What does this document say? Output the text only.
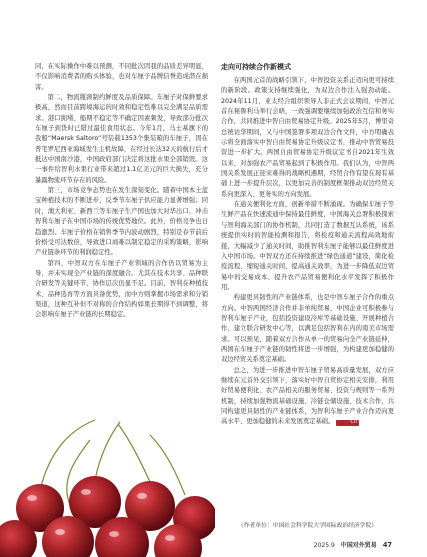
同，在实际操作中难以预测，不同批次因我的品质差异明显，不仅影响消费者的购买体验，也对车厘子品牌信誉造成潜在损害。

第二，物流瓶颈制约鲜度及品质保障。车厘子对保鲜要求极高，然而目前跨境海运的时效和稳定性难以完全满足品质需求。港口拥堵、船期不稳定等不确定因素频发，导致部分批次车厘子到货时已错过最佳食用状态。今年1月，马士基旗下的我船“Maersk Saltoro”号装载1353个集装箱的车厘子，因在普宅罗尼西亚海域发生主机故障，在经过长达32天的航行后才抵达中国南沙港，中国政府部门决定将这批水果全部销毁。这一事件给智利水果行业带来超过1.1亿美元的巨大损失，充分暴露物流环节存在的风险。

第三，市场竞争态势也在发生深刻变化。随着中国本土蓝宝种植技术的不断进步，反季节车厘子供应能力显著增强；同时，澳大利亚、新西兰等车厘子生产国也加大对华出口，冲击智利车厘子在中国市场的传统优势地位。此外，价格竞争也日趋激烈。车厘子价格在销售季节内波动剧烈，特别是春节前后价格受可达数倍，导致进口商难以制定稳定的采购策略，影响产业链条环节的利润稳定性。

第四，中智双方在车厘子产业领域的合作仍以贸易为主导，并未实现全产业链的深度融合。尤其在技术共享、品种联合研发等关键环节，协作层次仍显不足。目前，智利在种植技术、品种选育等方面具备优势，而中方则掌握市场需求和分销渠道，这种互补但不对称的合作结构如果长期得不到调整，将会影响车厘子产业链的长期稳定。

走向可持续合作新模式

在两国元首的战略引领下，中智投资关系正迈向更可持续的新阶段。政策支持继续强化，为双边合作注入强劲动能。2024年11月，亚太经合组织领导人非正式会议期间，中智元首在秘鲁利马举行会晤，一致强调要继续加强政治互信和务实合作，共同推进中智自由贸易协定升级。2025年5月，博里奇总统访华期间，又与中国签署多项双边合作文件，中方明确表示将全面落实中智自由贸易协定升级议定书，推动中智贸易投资进一步扩大。两国自由贸易协定升级议定书自2021年生效以来，对加强农产品贸易起到了积极作用。我们认为，中智两国关系发展正迎来难得的战略机遇期，经贸合作有望在现有基础上进一步提升层次，以更加完善的制度框架推动双边经贸关系向更深入、更务实的方向发展。

在通关便利化方面，创新举措不断涌现。为确保车厘子等生鲜产品在快速流通中保持最佳鲜度，中国海关总署积极探索与智利海关部门的协作机制，共同打造了数据互认系统，该系统提供实时的智能检测和报告，将检疫和通关流程高效地衔接，大幅减少了通关时间，助推智利车厘子能够以最佳鲜度进入中国市场。中智双方还在持续推进“绿色通道”建设，简化检疫流程、缩短通关时间，提高通关效率，为进一步降低双边贸易中的交易成本、提升农产品贸易便利化水平发挥了积极作用。

构建更具韧性的产业链体系，也是中智车厘子合作的重点方向。中智两国经济合作并非单纯贸易，中国企业可积极参与智利车厘子产业，包括投资建设冷库等基础设施、开展种植合作、建立联合研发中心等，以满足包括智利在内的南美市场需求。可以预见，随着双方合作从单一的贸易向全产业链延伸，两国在车厘子产业链的韧性将进一步增强，为构建更加稳健的双边经贸关系奠定基础。

总之，为进一步推进中智车厘子贸易高质量发展，双方应继续在元首外交引领下，落实好中智自贸协定相关安排，利用好贸易便利化、农产品相关的服务贸易、投资与规则等一系列机制，持续加强物流基础设施、冷链仓储设施、技术合作，共同构建更具韧性的产业链体系，为智利车厘子产业合作迈向更高水平、更加稳健的未来发展奠定基础。	CIT

（作者单位：中国社会科学院大学国际政治经济学院）
2025.9 中国对外贸易 47
